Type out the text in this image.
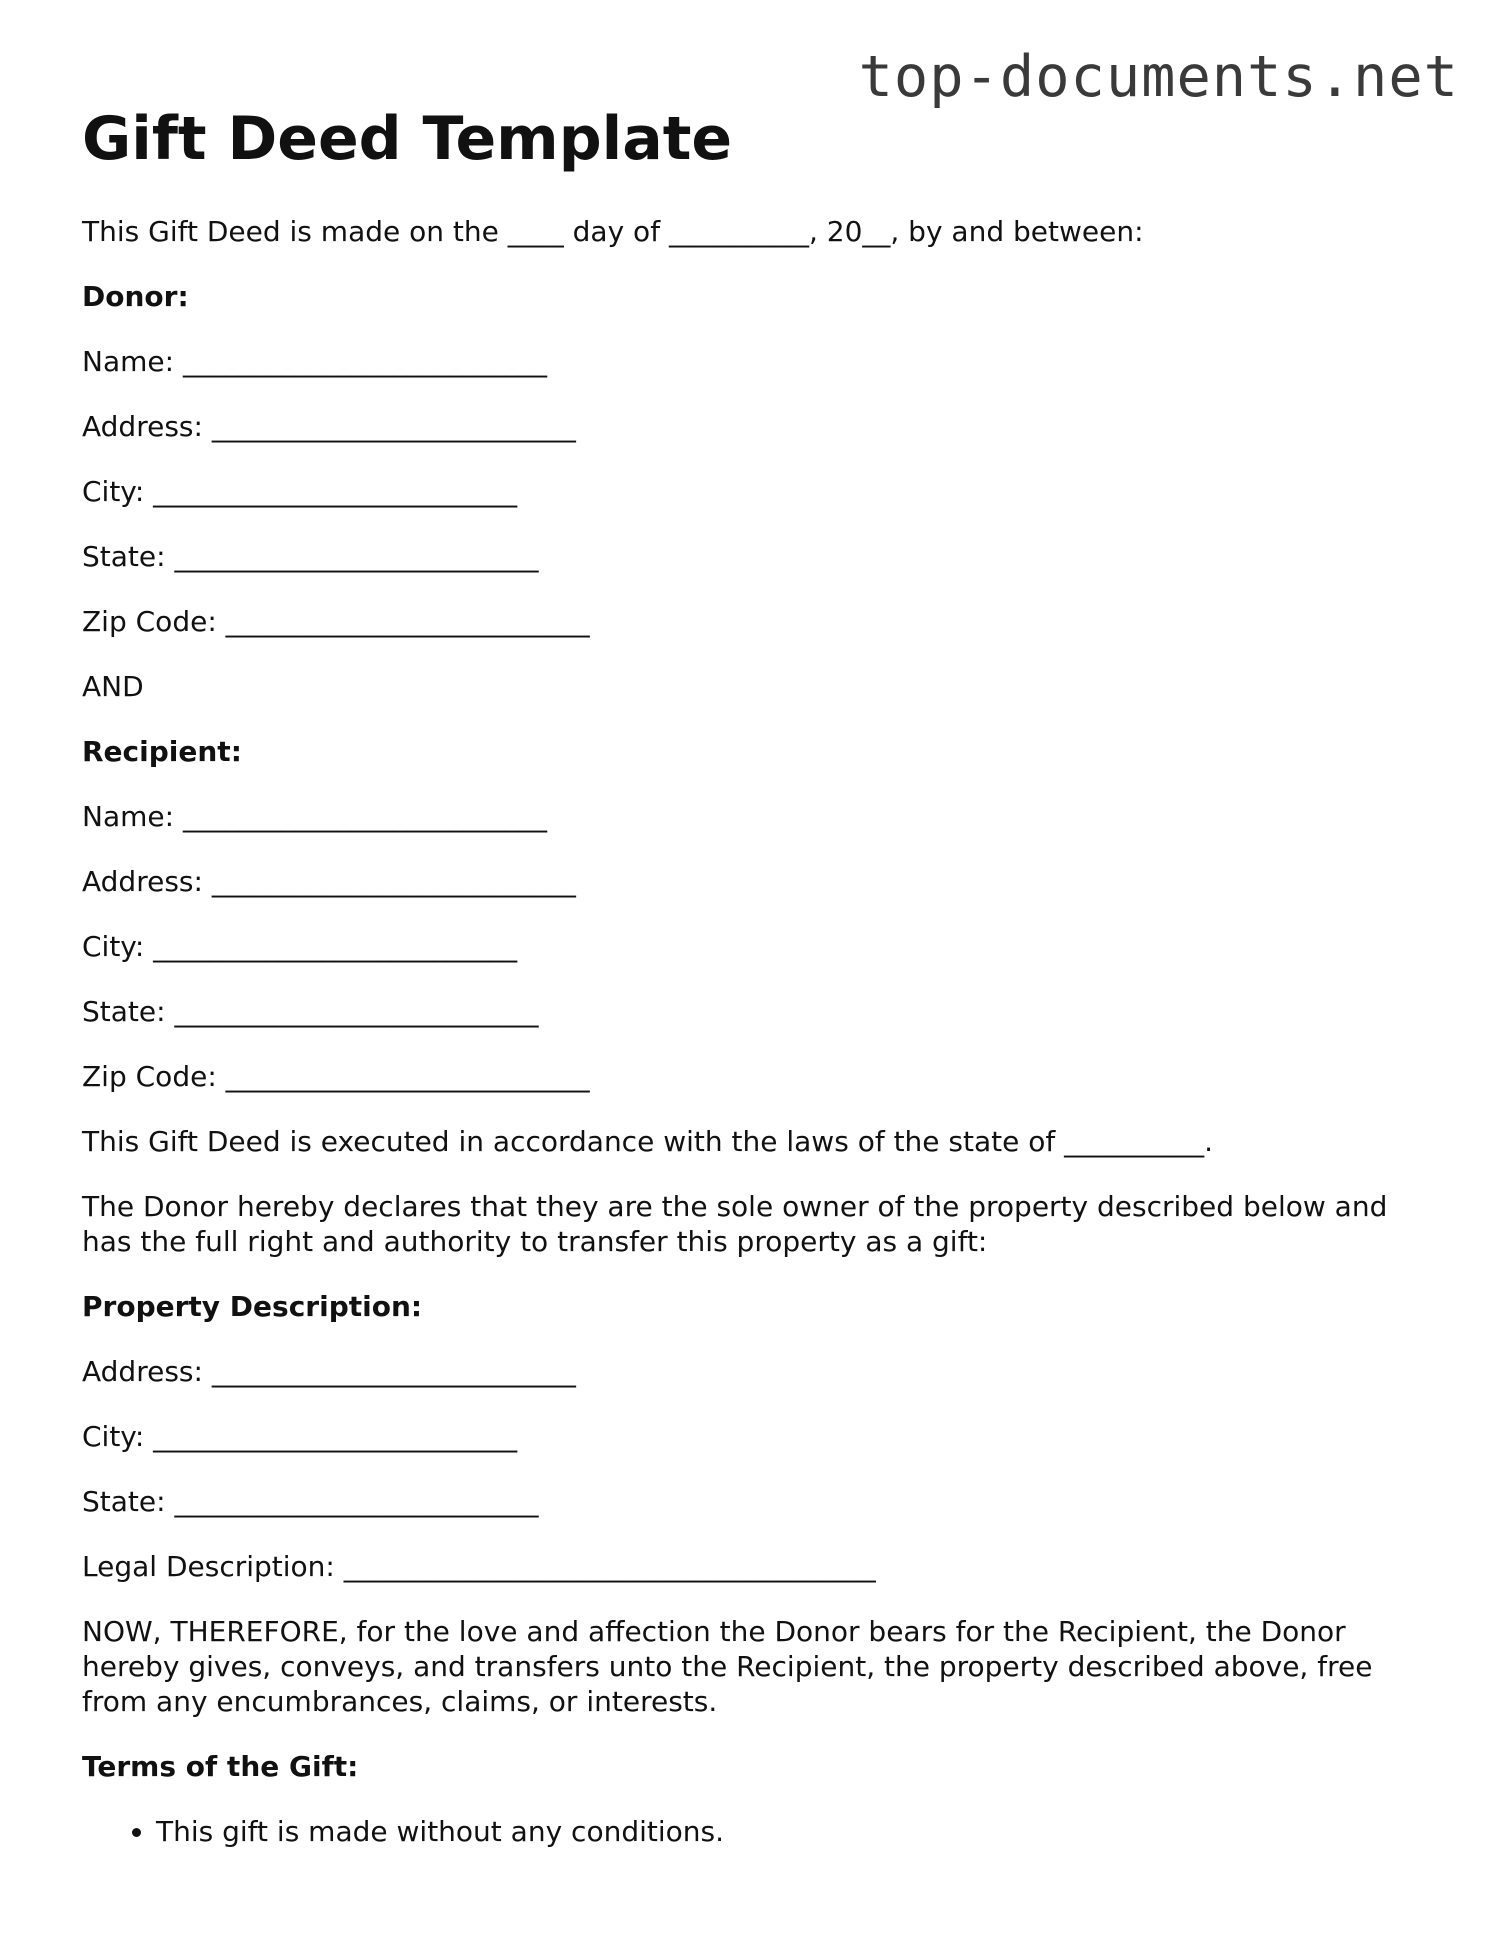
top-documents.net
Gift Deed Template

This Gift Deed is made on the ____ day of __________, 20__, by and between:

Donor:

Name: __________________________

Address: __________________________

City: __________________________

State: __________________________

Zip Code: __________________________

AND

Recipient:

Name: __________________________

Address: __________________________

City: __________________________

State: __________________________

Zip Code: __________________________

This Gift Deed is executed in accordance with the laws of the state of __________.

The Donor hereby declares that they are the sole owner of the property described below and has the full right and authority to transfer this property as a gift:

Property Description:

Address: __________________________

City: __________________________

State: __________________________

Legal Description: ______________________________________

NOW, THEREFORE, for the love and affection the Donor bears for the Recipient, the Donor hereby gives, conveys, and transfers unto the Recipient, the property described above, free from any encumbrances, claims, or interests.

Terms of the Gift:

• This gift is made without any conditions.
